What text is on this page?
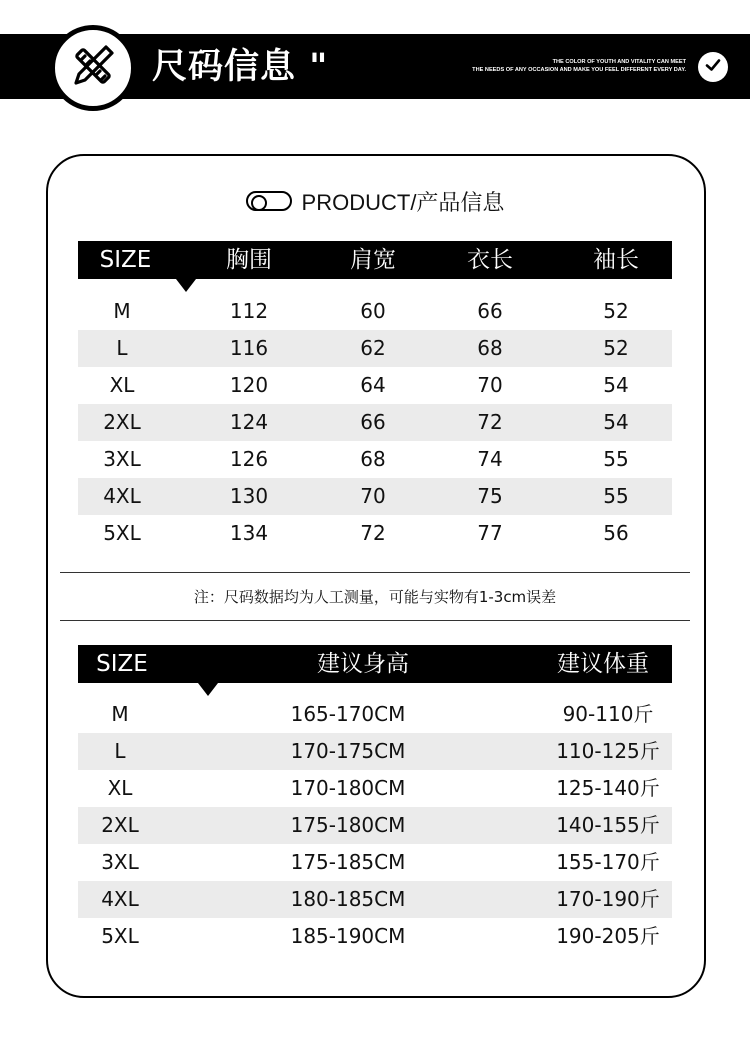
尺码信息 "	THE COLOR OF YOUTH AND VITALITY CAN MEET
THE NEEDS OF ANY OCCASION AND MAKE YOU FEEL DIFFERENT EVERY DAY.
PRODUCT/产品信息
SIZE	胸围	肩宽	衣长	袖长
M	112	60	66	52
L	116	62	68	52
XL	120	64	70	54
2XL	124	66	72	54
3XL	126	68	74	55
4XL	130	70	75	55
5XL	134	72	77	56
注：尺码数据均为人工测量，可能与实物有1-3cm误差
SIZE	建议身高	建议体重
M	165-170CM	90-110斤
L	170-175CM	110-125斤
XL	170-180CM	125-140斤
2XL	175-180CM	140-155斤
3XL	175-185CM	155-170斤
4XL	180-185CM	170-190斤
5XL	185-190CM	190-205斤
